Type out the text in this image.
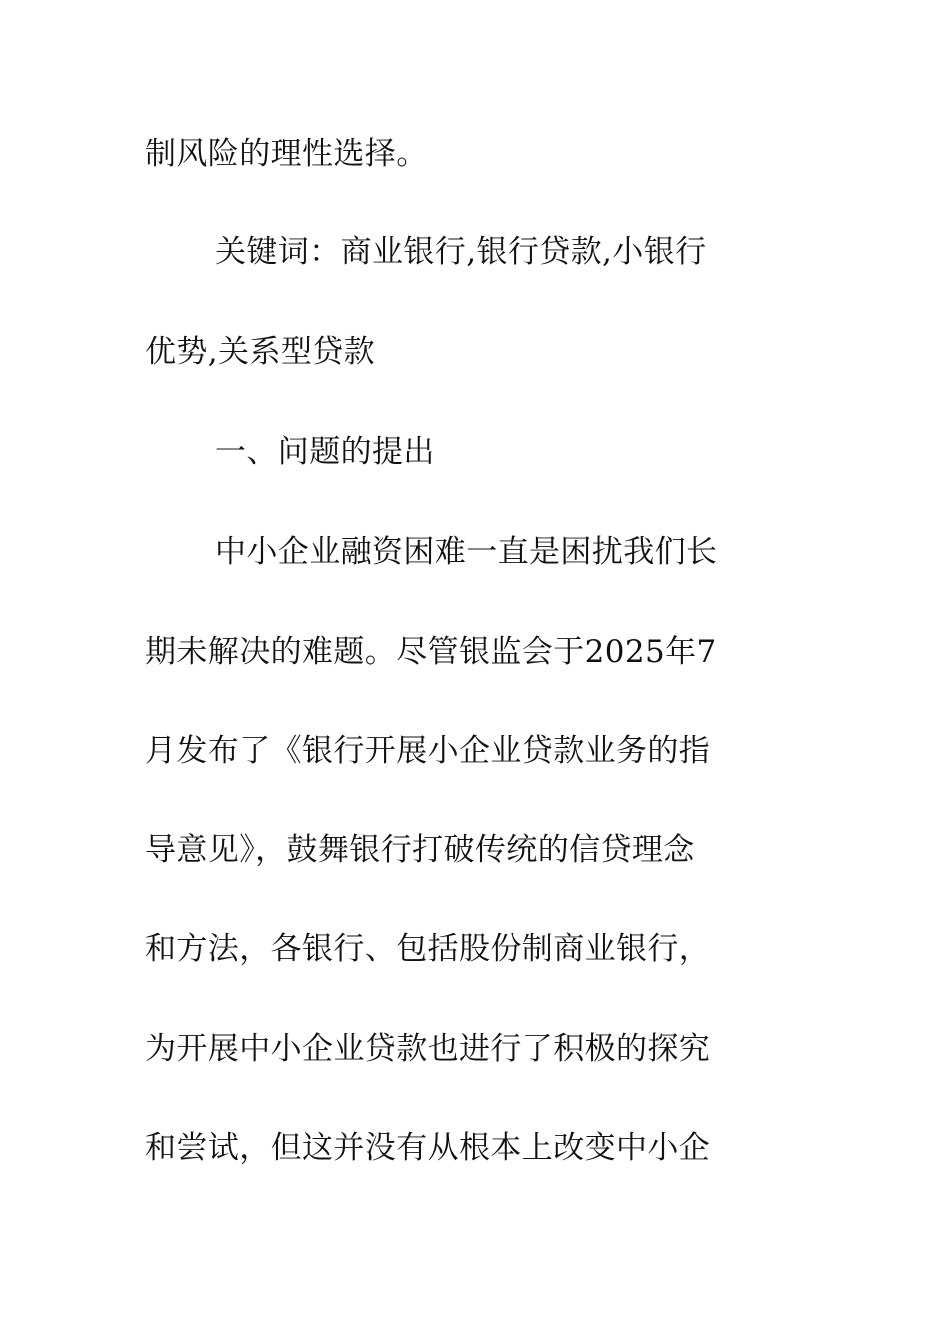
制风险的理性选择。
关键词：商业银行,银行贷款,小银行
优势,关系型贷款
一、问题的提出
中小企业融资困难一直是困扰我们长
期未解决的难题。尽管银监会于2025年7
月发布了《银行开展小企业贷款业务的指
导意见》，鼓舞银行打破传统的信贷理念
和方法，各银行、包括股份制商业银行，
为开展中小企业贷款也进行了积极的探究
和尝试，但这并没有从根本上改变中小企
